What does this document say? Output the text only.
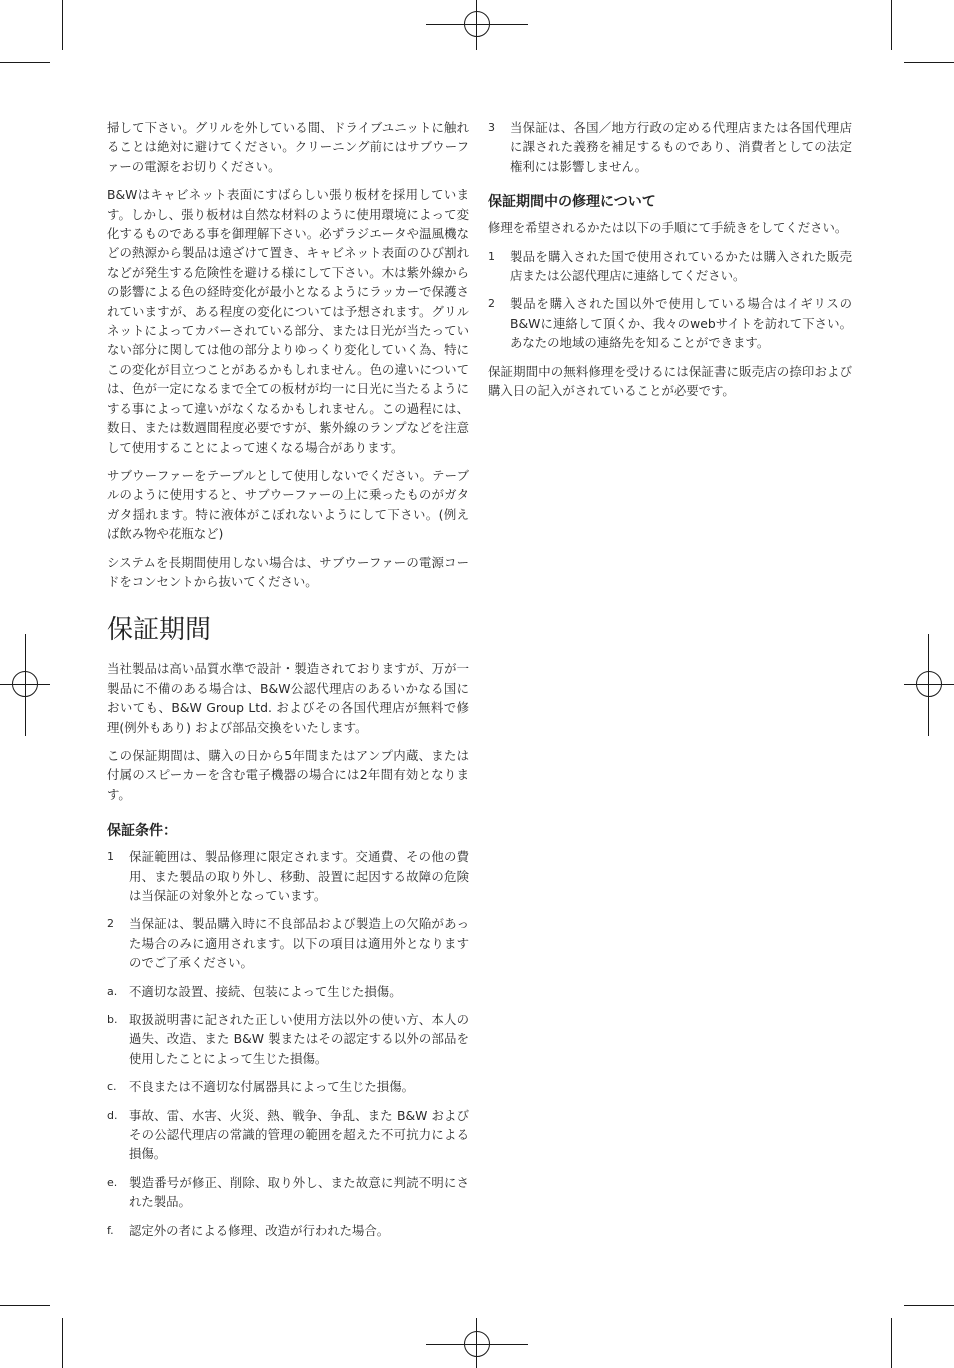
掃して下さい。グリルを外している間、ドライブユニットに触れることは絶対に避けてください。クリーニング前にはサブウーファーの電源をお切りください。

B&Wはキャビネット表面にすばらしい張り板材を採用しています。しかし、張り板材は自然な材料のように使用環境によって変化するものである事を御理解下さい。必ずラジエータや温風機などの熱源から製品は遠ざけて置き、キャビネット表面のひび割れなどが発生する危険性を避ける様にして下さい。木は紫外線からの影響による色の経時変化が最小となるようにラッカーで保護されていますが、ある程度の変化については予想されます。グリルネットによってカバーされている部分、または日光が当たっていない部分に関しては他の部分よりゆっくり変化していく為、特にこの変化が目立つことがあるかもしれません。色の違いについては、色が一定になるまで全ての板材が均一に日光に当たるようにする事によって違いがなくなるかもしれません。この過程には、数日、または数週間程度必要ですが、紫外線のランプなどを注意して使用することによって速くなる場合があります。

サブウーファーをテーブルとして使用しないでください。テーブルのように使用すると、サブウーファーの上に乗ったものがガタガタ揺れます。特に液体がこぼれないようにして下さい。(例えば飲み物や花瓶など)

システムを長期間使用しない場合は、サブウーファーの電源コードをコンセントから抜いてください。

保証期間

当社製品は高い品質水準で設計・製造されておりますが、万が一製品に不備のある場合は、B&W公認代理店のあるいかなる国においても、B&W Group Ltd. およびその各国代理店が無料で修理(例外もあり) および部品交換をいたします。

この保証期間は、購入の日から5年間またはアンプ内蔵、または付属のスピーカーを含む電子機器の場合には2年間有効となります。

保証条件：
1	保証範囲は、製品修理に限定されます。交通費、その他の費用、また製品の取り外し、移動、設置に起因する故障の危険は当保証の対象外となっています。
2	当保証は、製品購入時に不良部品および製造上の欠陥があった場合のみに適用されます。以下の項目は適用外となりますのでご了承ください。
a. 不適切な設置、接続、包装によって生じた損傷。
b. 取扱説明書に記された正しい使用方法以外の使い方、本人の過失、改造、また B&W 製またはその認定する以外の部品を使用したことによって生じた損傷。
c.	不良または不適切な付属器具によって生じた損傷。
d. 事故、雷、水害、火災、熱、戦争、争乱、また B&W およびその公認代理店の常識的管理の範囲を超えた不可抗力による損傷。
e. 製造番号が修正、削除、取り外し、また故意に判読不明にされた製品。
f.	認定外の者による修理、改造が行われた場合。
3	当保証は、各国／地方行政の定める代理店または各国代理店に課された義務を補足するものであり、消費者としての法定権利には影響しません。
保証期間中の修理について

修理を希望されるかたは以下の手順にて手続きをしてください。

1	製品を購入された国で使用されているかたは購入された販売店または公認代理店に連絡してください。
2	製品を購入された国以外で使用している場合はイギリスのB&Wに連絡して頂くか、我々のwebサイトを訪れて下さい。あなたの地域の連絡先を知ることができます。

保証期間中の無料修理を受けるには保証書に販売店の捺印および購入日の記入がされていることが必要です。
